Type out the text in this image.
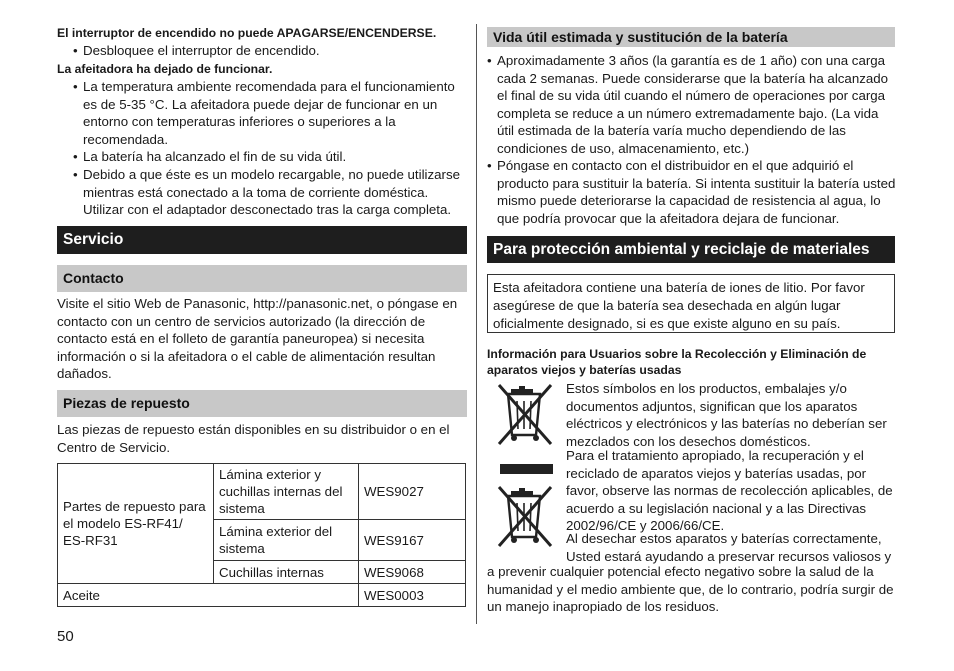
El interruptor de encendido no puede APAGARSE/ENCENDERSE.
• Desbloquee el interruptor de encendido.
La afeitadora ha dejado de funcionar.
• La temperatura ambiente recomendada para el funcionamiento es de 5-35 °C. La afeitadora puede dejar de funcionar en un entorno con temperaturas inferiores o superiores a la recomendada.
• La batería ha alcanzado el fin de su vida útil.
• Debido a que éste es un modelo recargable, no puede utilizarse mientras está conectado a la toma de corriente doméstica. Utilizar con el adaptador desconectado tras la carga completa.
Servicio
Contacto
Visite el sitio Web de Panasonic, http://panasonic.net, o póngase en contacto con un centro de servicios autorizado (la dirección de contacto está en el folleto de garantía paneuropea) si necesita información o si la afeitadora o el cable de alimentación resultan dañados.
Piezas de repuesto
Las piezas de repuesto están disponibles en su distribuidor o en el Centro de Servicio.
Partes de repuesto para el modelo ES-RF41/ ES-RF31	Lámina exterior y cuchillas internas del sistema	WES9027
	Lámina exterior del sistema	WES9167
	Cuchillas internas	WES9068
Aceite		WES0003
50
Vida útil estimada y sustitución de la batería
• Aproximadamente 3 años (la garantía es de 1 año) con una carga cada 2 semanas. Puede considerarse que la batería ha alcanzado el final de su vida útil cuando el número de operaciones por carga completa se reduce a un número extremadamente bajo. (La vida útil estimada de la batería varía mucho dependiendo de las condiciones de uso, almacenamiento, etc.)
• Póngase en contacto con el distribuidor en el que adquirió el producto para sustituir la batería. Si intenta sustituir la batería usted mismo puede deteriorarse la capacidad de resistencia al agua, lo que podría provocar que la afeitadora dejara de funcionar.
Para protección ambiental y reciclaje de materiales
Esta afeitadora contiene una batería de iones de litio. Por favor asegúrese de que la batería sea desechada en algún lugar oficialmente designado, si es que existe alguno en su país.
Información para Usuarios sobre la Recolección y Eliminación de aparatos viejos y baterías usadas
Estos símbolos en los productos, embalajes y/o documentos adjuntos, significan que los aparatos eléctricos y electrónicos y las baterías no deberían ser mezclados con los desechos domésticos.
Para el tratamiento apropiado, la recuperación y el reciclado de aparatos viejos y baterías usadas, por favor, observe las normas de recolección aplicables, de acuerdo a su legislación nacional y a las Directivas 2002/96/CE y 2006/66/CE.
Al desechar estos aparatos y baterías correctamente, Usted estará ayudando a preservar recursos valiosos y
a prevenir cualquier potencial efecto negativo sobre la salud de la humanidad y el medio ambiente que, de lo contrario, podría surgir de un manejo inapropiado de los residuos.
